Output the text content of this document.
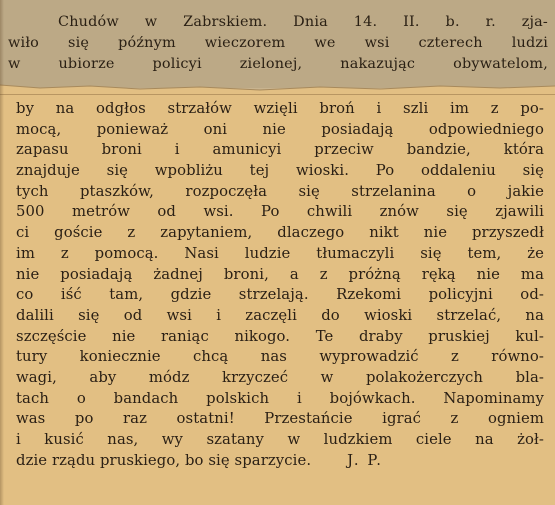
Chudów w Zabrskiem. Dnia 14. II. b. r. zja-
wiło się późnym wieczorem we wsi czterech ludzi
w ubiorze policyi zielonej, nakazując obywatelom,
by na odgłos strzałów wzięli broń i szli im z po-
mocą, ponieważ oni nie posiadają odpowiedniego
zapasu broni i amunicyi przeciw bandzie, która
znajduje się wpobliżu tej wioski. Po oddaleniu się
tych ptaszków, rozpoczęła się strzelanina o jakie
500 metrów od wsi. Po chwili znów się zjawili
ci goście z zapytaniem, dlaczego nikt nie przyszedł
im z pomocą. Nasi ludzie tłumaczyli się tem, że
nie posiadają żadnej broni, a z próżną ręką nie ma
co iść tam, gdzie strzelają. Rzekomi policyjni od-
dalili się od wsi i zaczęli do wioski strzelać, na
szczęście nie raniąc nikogo. Te draby pruskiej kul-
tury koniecznie chcą nas wyprowadzić z równo-
wagi, aby módz krzyczeć w polakożerczych bla-
tach o bandach polskich i bojówkach. Napominamy
was po raz ostatni! Przestańcie igrać z ogniem
i kusić nas, wy szatany w ludzkiem ciele na żoł-
dzie rządu pruskiego, bo się sparzycie. J. P.
